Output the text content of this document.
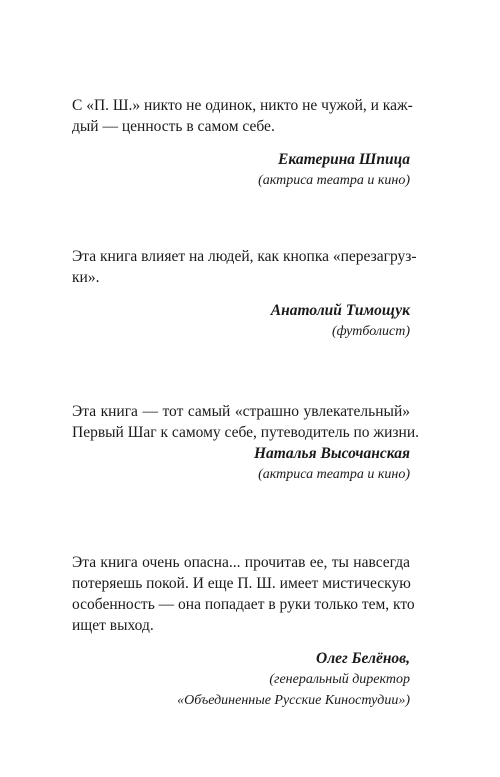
С «П. Ш.» никто не одинок, никто не чужой, и каж-
дый — ценность в самом себе.

Екатерина Шпица

(актриса театра и кино)

Эта книга влияет на людей, как кнопка «перезагруз-
ки».

Анатолий Тимощук

(футболист)

Эта книга — тот самый «страшно увлекательный»
Первый Шаг к самому себе, путеводитель по жизни.

Наталья Высочанская

(актриса театра и кино)

Эта книга очень опасна... прочитав ее, ты навсегда
потеряешь покой. И еще П. Ш. имеет мистическую
особенность — она попадает в руки только тем, кто
ищет выход.

Олег Белёнов,

(генеральный директор

«Объединенные Русские Киностудии»)
